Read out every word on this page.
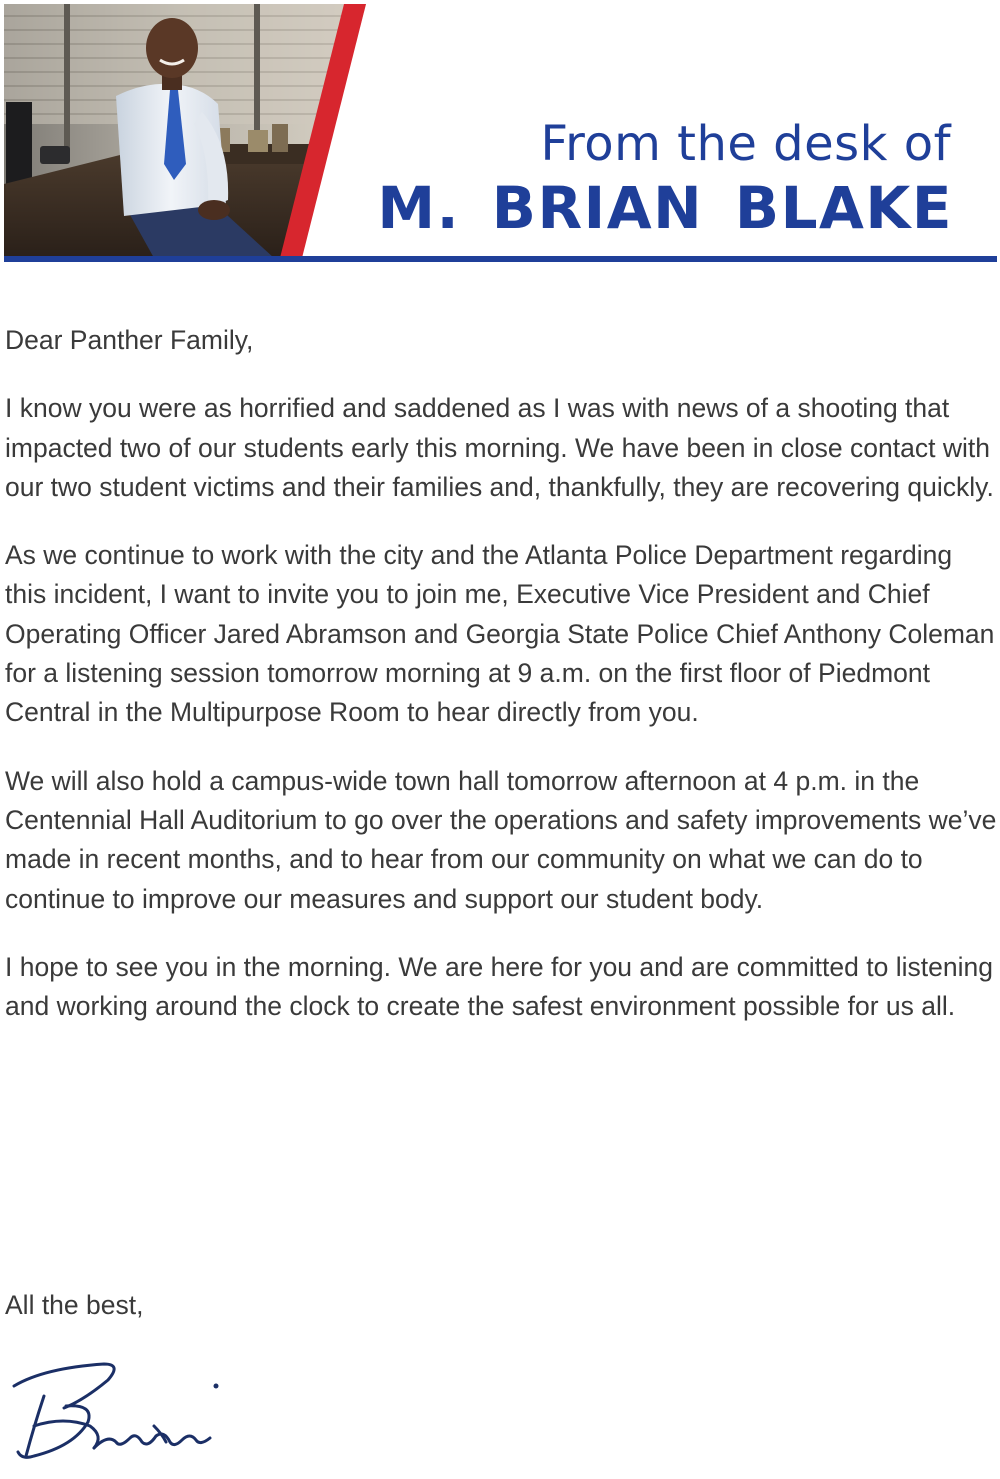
From the desk of
M. BRIAN BLAKE

Dear Panther Family,

I know you were as horrified and saddened as I was with news of a shooting that impacted two of our students early this morning. We have been in close contact with our two student victims and their families and, thankfully, they are recovering quickly.

As we continue to work with the city and the Atlanta Police Department regarding this incident, I want to invite you to join me, Executive Vice President and Chief Operating Officer Jared Abramson and Georgia State Police Chief Anthony Coleman for a listening session tomorrow morning at 9 a.m. on the first floor of Piedmont Central in the Multipurpose Room to hear directly from you.

We will also hold a campus-wide town hall tomorrow afternoon at 4 p.m. in the Centennial Hall Auditorium to go over the operations and safety improvements we’ve made in recent months, and to hear from our community on what we can do to continue to improve our measures and support our student body.

I hope to see you in the morning. We are here for you and are committed to listening and working around the clock to create the safest environment possible for us all.

All the best,
